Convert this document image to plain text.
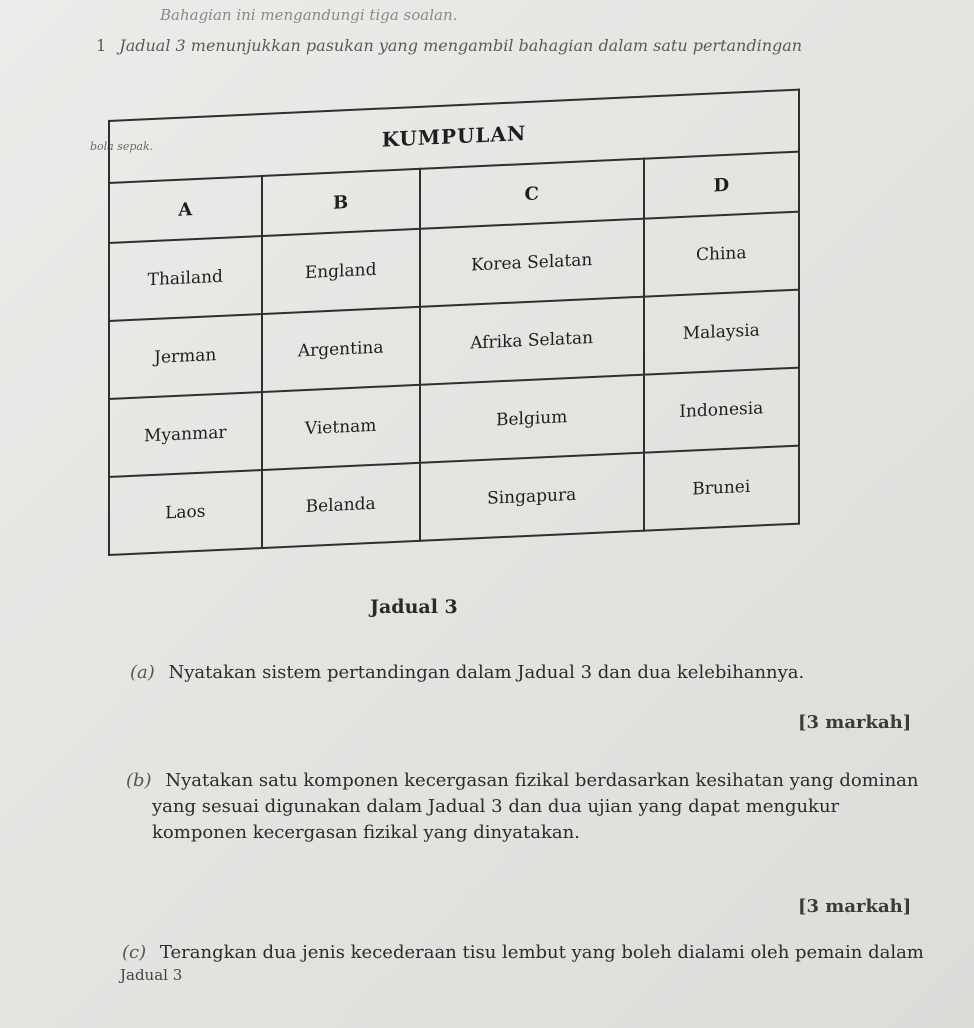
Bahagian ini mengandungi tiga soalan.
1 Jadual 3 menunjukkan pasukan yang mengambil bahagian dalam satu pertandingan
bola sepak.	KUMPULAN			
A	B	C	D
Thailand	England	Korea Selatan	China
Jerman	Argentina	Afrika Selatan	Malaysia
Myanmar	Vietnam	Belgium	Indonesia
Laos	Belanda	Singapura	Brunei
Jadual 3
(a) Nyatakan sistem pertandingan dalam Jadual 3 dan dua kelebihannya.
[3 markah]
(b) Nyatakan satu komponen kecergasan fizikal berdasarkan kesihatan yang dominan
yang sesuai digunakan dalam Jadual 3 dan dua ujian yang dapat mengukur
komponen kecergasan fizikal yang dinyatakan.
[3 markah]
(c) Terangkan dua jenis kecederaan tisu lembut yang boleh dialami oleh pemain dalam
Jadual 3
